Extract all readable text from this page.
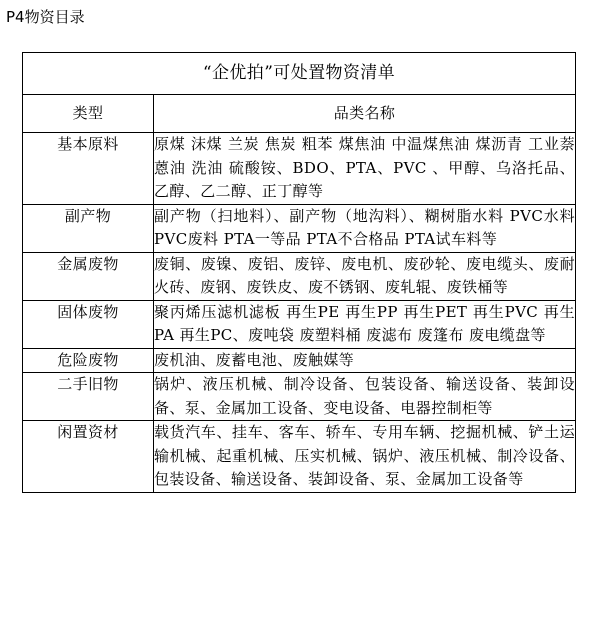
P4物资目录
“企优拍”可处置物资清单	
类型	品类名称
基本原料	原煤 沫煤 兰炭 焦炭 粗苯 煤焦油 中温煤焦油 煤沥青 工业萘 蒽油 洗油 硫酸铵、BDO、PTA、PVC 、甲醇、乌洛托品、乙醇、乙二醇、正丁醇等
副产物	副产物（扫地料）、副产物（地沟料）、糊树脂水料 PVC水料 PVC废料 PTA一等品 PTA不合格品 PTA试车料等
金属废物	废铜、废镍、废铝、废锌、废电机、废砂轮、废电缆头、废耐火砖、废钢、废铁皮、废不锈钢、废轧辊、废铁桶等
固体废物	聚丙烯压滤机滤板 再生PE 再生PP 再生PET 再生PVC 再生PA 再生PC、废吨袋 废塑料桶 废滤布 废篷布 废电缆盘等
危险废物	废机油、废蓄电池、废触媒等
二手旧物	锅炉、液压机械、制冷设备、包装设备、输送设备、装卸设备、泵、金属加工设备、变电设备、电器控制柜等
闲置资材	载货汽车、挂车、客车、轿车、专用车辆、挖掘机械、铲土运输机械、起重机械、压实机械、锅炉、液压机械、制冷设备、包装设备、输送设备、装卸设备、泵、金属加工设备等
